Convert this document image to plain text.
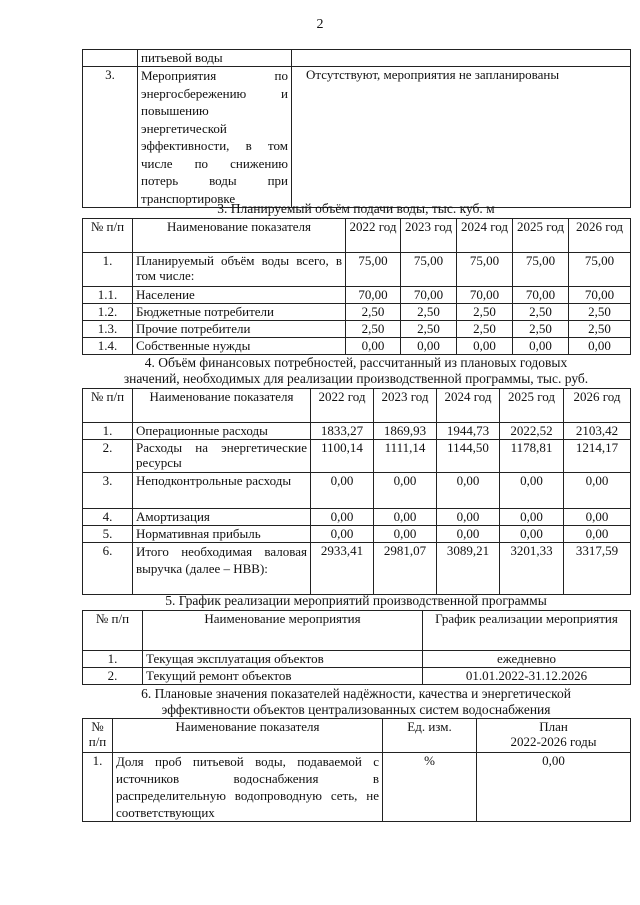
2
	питьевой воды	
3.	Мероприятия по энергосбережению и повышению энергетической эффективности, в том числе по снижению потерь воды при транспортировке	Отсутствуют, мероприятия не запланированы
3. Планируемый объём подачи воды, тыс. куб. м
№ п/п	Наименование показателя	2022 год	2023 год	2024 год	2025 год	2026 год
1.	Планируемый объём воды всего, в том числе:	75,00	75,00	75,00	75,00	75,00
1.1.	Население	70,00	70,00	70,00	70,00	70,00
1.2.	Бюджетные потребители	2,50	2,50	2,50	2,50	2,50
1.3.	Прочие потребители	2,50	2,50	2,50	2,50	2,50
1.4.	Собственные нужды	0,00	0,00	0,00	0,00	0,00
4. Объём финансовых потребностей, рассчитанный из плановых годовых
значений, необходимых для реализации производственной программы, тыс. руб.
№ п/п	Наименование показателя	2022 год	2023 год	2024 год	2025 год	2026 год
1.	Операционные расходы	1833,27	1869,93	1944,73	2022,52	2103,42
2.	Расходы на энергетические ресурсы	1100,14	1111,14	1144,50	1178,81	1214,17
3.	Неподконтрольные расходы	0,00	0,00	0,00	0,00	0,00
4.	Амортизация	0,00	0,00	0,00	0,00	0,00
5.	Нормативная прибыль	0,00	0,00	0,00	0,00	0,00
6.	Итого необходимая валовая выручка (далее – НВВ):	2933,41	2981,07	3089,21	3201,33	3317,59
5. График реализации мероприятий производственной программы
№ п/п	Наименование мероприятия	График реализации мероприятия
1.	Текущая эксплуатация объектов	ежедневно
2.	Текущий ремонт объектов	01.01.2022-31.12.2026
6. Плановые значения показателей надёжности, качества и энергетической
эффективности объектов централизованных систем водоснабжения
№ п/п	Наименование показателя	Ед. изм.	План
2022-2026 годы

1.	Доля проб питьевой воды, подаваемой с источников водоснабжения в распределительную водопроводную сеть, не соответствующих	%	0,00
